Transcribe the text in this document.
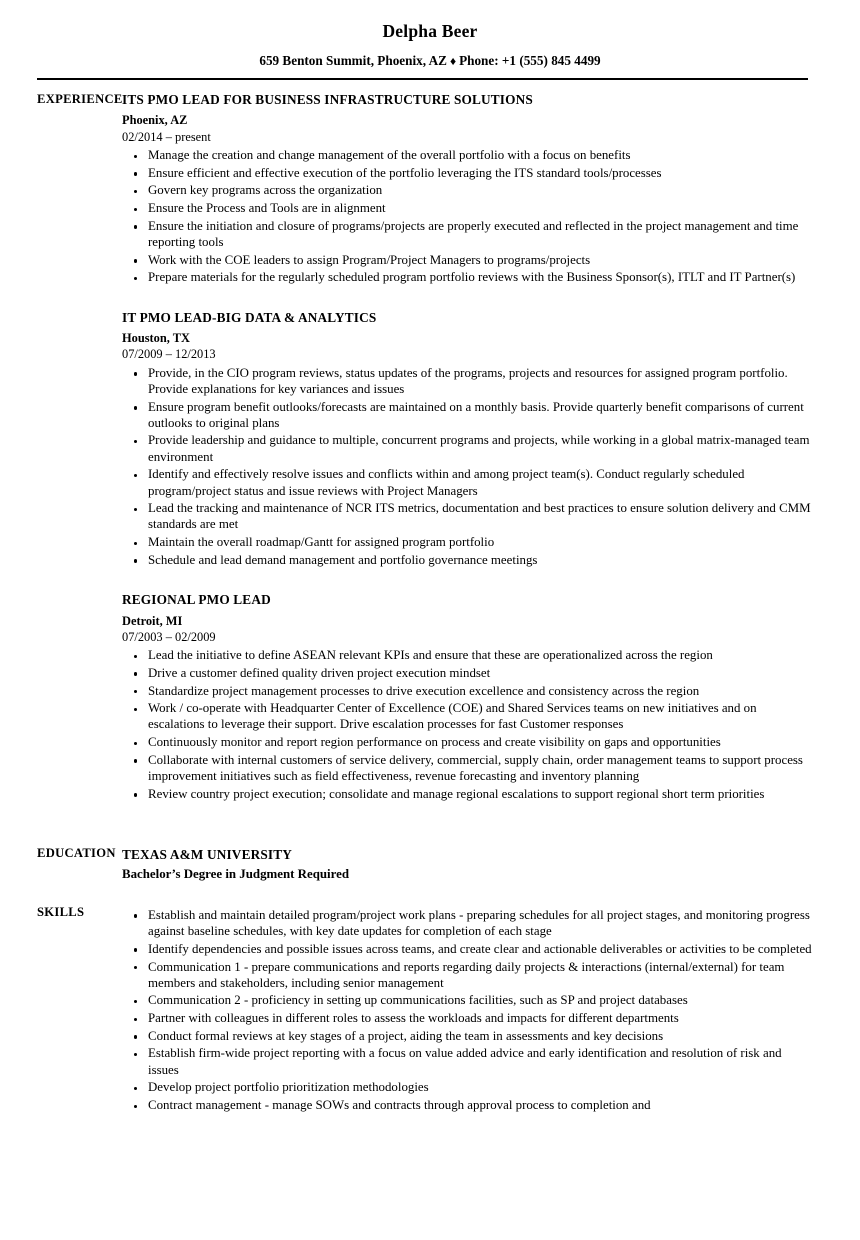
Delpha Beer
659 Benton Summit, Phoenix, AZ ♦ Phone: +1 (555) 845 4499
EXPERIENCE ITS PMO LEAD FOR BUSINESS INFRASTRUCTURE SOLUTIONS
Phoenix, AZ
02/2014 – present
Manage the creation and change management of the overall portfolio with a focus on benefits
Ensure efficient and effective execution of the portfolio leveraging the ITS standard tools/processes
Govern key programs across the organization
Ensure the Process and Tools are in alignment
Ensure the initiation and closure of programs/projects are properly executed and reflected in the project management and time reporting tools
Work with the COE leaders to assign Program/Project Managers to programs/projects
Prepare materials for the regularly scheduled program portfolio reviews with the Business Sponsor(s), ITLT and IT Partner(s)
IT PMO LEAD-BIG DATA & ANALYTICS
Houston, TX
07/2009 – 12/2013
Provide, in the CIO program reviews, status updates of the programs, projects and resources for assigned program portfolio. Provide explanations for key variances and issues
Ensure program benefit outlooks/forecasts are maintained on a monthly basis. Provide quarterly benefit comparisons of current outlooks to original plans
Provide leadership and guidance to multiple, concurrent programs and projects, while working in a global matrix-managed team environment
Identify and effectively resolve issues and conflicts within and among project team(s). Conduct regularly scheduled program/project status and issue reviews with Project Managers
Lead the tracking and maintenance of NCR ITS metrics, documentation and best practices to ensure solution delivery and CMM standards are met
Maintain the overall roadmap/Gantt for assigned program portfolio
Schedule and lead demand management and portfolio governance meetings
REGIONAL PMO LEAD
Detroit, MI
07/2003 – 02/2009
Lead the initiative to define ASEAN relevant KPIs and ensure that these are operationalized across the region
Drive a customer defined quality driven project execution mindset
Standardize project management processes to drive execution excellence and consistency across the region
Work / co-operate with Headquarter Center of Excellence (COE) and Shared Services teams on new initiatives and on escalations to leverage their support. Drive escalation processes for fast Customer responses
Continuously monitor and report region performance on process and create visibility on gaps and opportunities
Collaborate with internal customers of service delivery, commercial, supply chain, order management teams to support process improvement initiatives such as field effectiveness, revenue forecasting and inventory planning
Review country project execution; consolidate and manage regional escalations to support regional short term priorities
EDUCATION TEXAS A&M UNIVERSITY
Bachelor’s Degree in Judgment Required
SKILLS	Establish and maintain detailed program/project work plans - preparing schedules for all project stages, and monitoring progress against baseline schedules, with key date updates for completion of each stage
Identify dependencies and possible issues across teams, and create clear and actionable deliverables or activities to be completed
Communication 1 - prepare communications and reports regarding daily projects & interactions (internal/external) for team members and stakeholders, including senior management
Communication 2 - proficiency in setting up communications facilities, such as SP and project databases
Partner with colleagues in different roles to assess the workloads and impacts for different departments
Conduct formal reviews at key stages of a project, aiding the team in assessments and key decisions
Establish firm-wide project reporting with a focus on value added advice and early identification and resolution of risk and issues
Develop project portfolio prioritization methodologies
Contract management - manage SOWs and contracts through approval process to completion and
